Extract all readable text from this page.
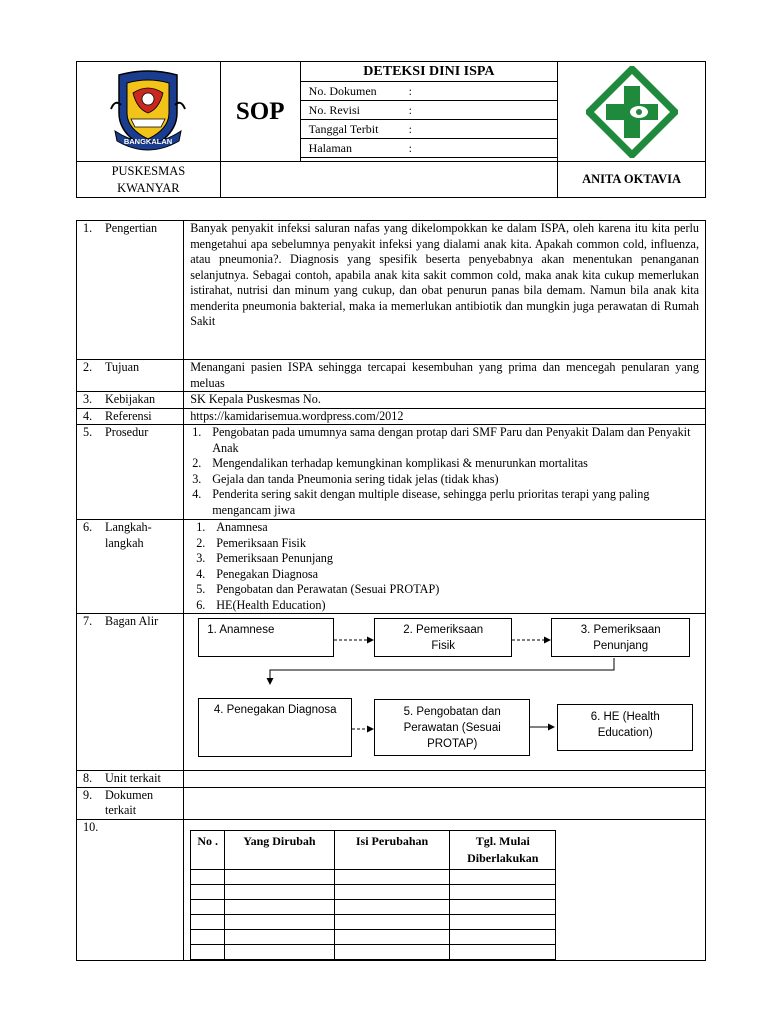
BANGKALAN
	SOP	
DETEKSI DINI ISPA
No. Dokumen	:
No. Revisi	:
Tanggal Terbit	:
Halaman	:

PUSKESMAS
KWANYAR
		ANITA OKTAVIA
1. Pengertian	Banyak penyakit infeksi saluran nafas yang dikelompokkan ke dalam ISPA, oleh karena itu kita perlu mengetahui apa sebelumnya penyakit infeksi yang dialami anak kita. Apakah common cold, influenza, atau pneumonia?. Diagnosis yang spesifik beserta penyebabnya akan menentukan penanganan selanjutnya. Sebagai contoh, apabila anak kita sakit common cold, maka anak kita cukup memerlukan istirahat, nutrisi dan minum yang cukup, dan obat penurun panas bila demam. Namun bila anak kita menderita pneumonia bakterial, maka ia memerlukan antibiotik dan mungkin juga perawatan di Rumah Sakit
2. Tujuan	Menangani pasien ISPA sehingga tercapai kesembuhan yang prima dan mencegah penularan yang meluas
3. Kebijakan	SK Kepala Puskesmas No.
4. Referensi	https://kamidarisemua.wordpress.com/2012
5. Prosedur	1. Pengobatan pada umumnya sama dengan protap dari SMF Paru dan Penyakit Dalam dan Penyakit Anak
2. Mengendalikan terhadap kemungkinan komplikasi & menurunkan mortalitas
3. Gejala dan tanda Pneumonia sering tidak jelas (tidak khas)
4. Penderita sering sakit dengan multiple disease, sehingga perlu prioritas terapi yang paling mengancam jiwa

6. Langkah-langkah	
1. Anamnesa
2. Pemeriksaan Fisik
3. Pemeriksaan Penunjang
4. Penegakan Diagnosa
5. Pengobatan dan Perawatan (Sesuai PROTAP)
6. HE(Health Education)

7. Bagan Alir	
1. Anamnese	2. Pemeriksaan Fisik
3. Pemeriksaan Penunjang
4. Penegakan Diagnosa	5. Pengobatan dan Perawatan (Sesuai PROTAP)
6. HE (Health Education)

8. Unit terkait	
9. Dokumen terkait	
10.	
No .	Yang Dirubah	Isi Perubahan	Tgl. Mulai Diberlakukan
